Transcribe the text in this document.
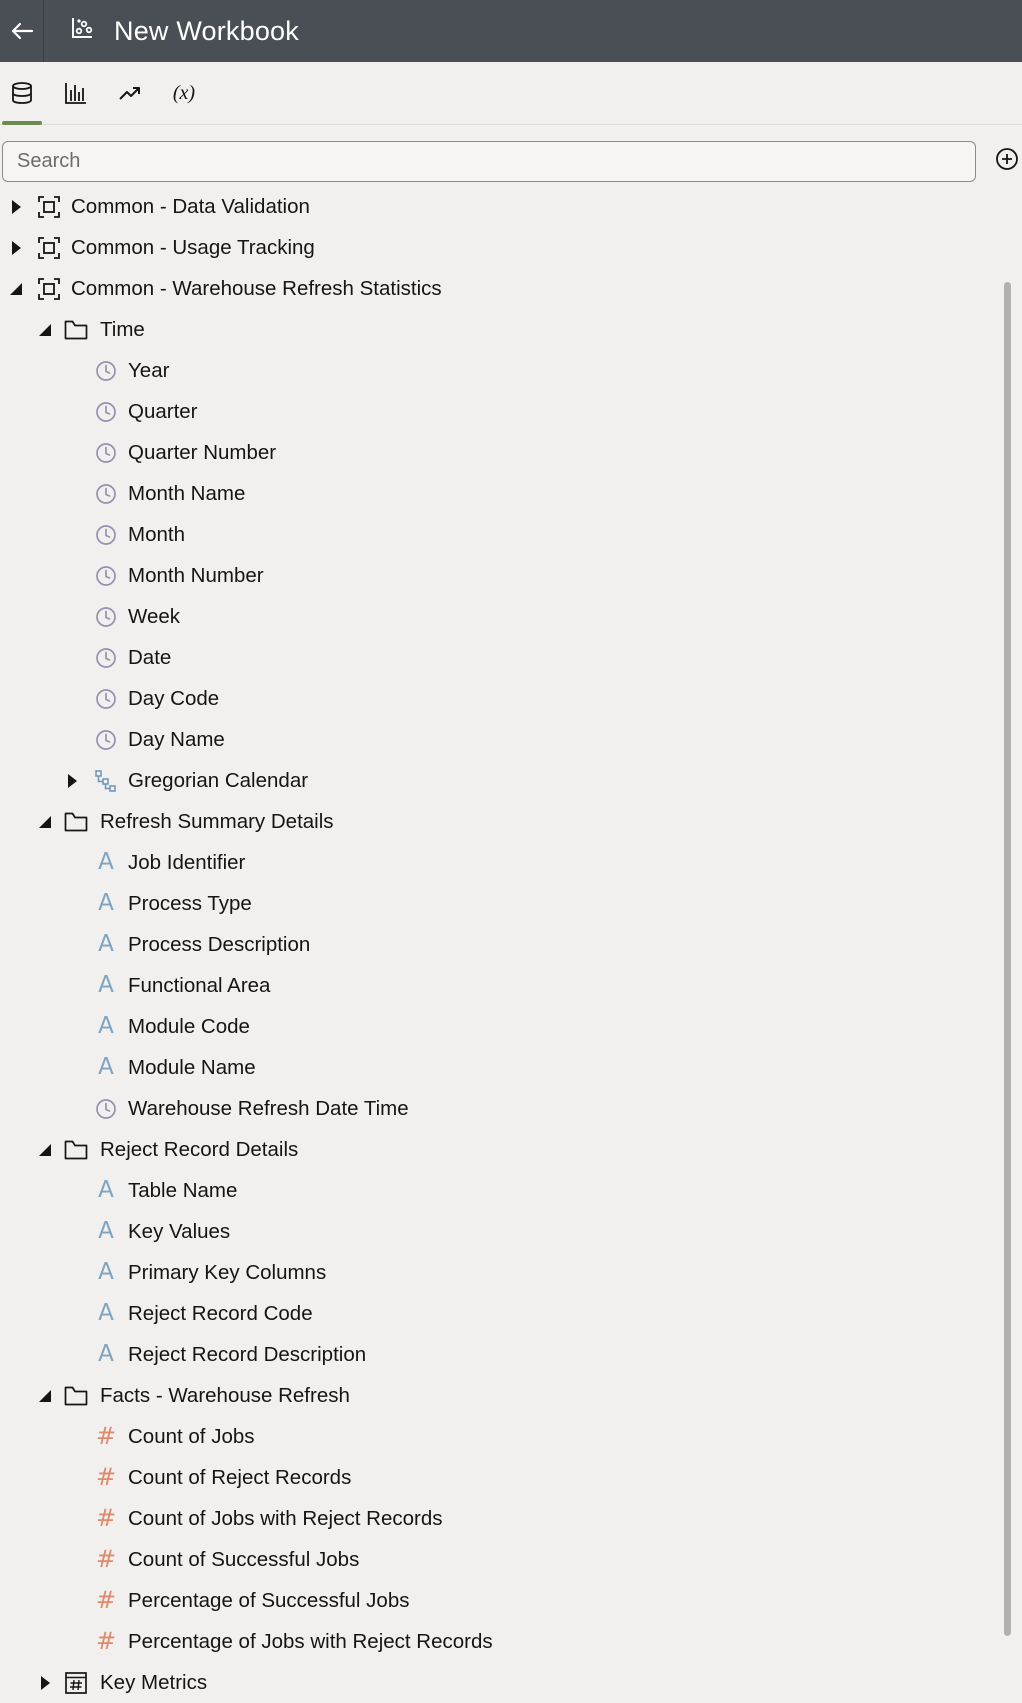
New Workbook
(x)
Search
Common - Data Validation
Common - Usage Tracking
Common - Warehouse Refresh Statistics
Time
Year
Quarter
Quarter Number
Month Name
Month
Month Number
Week
Date
Day Code
Day Name
Gregorian Calendar
Refresh Summary Details
A Job Identifier
A Process Type
A Process Description
A Functional Area
A Module Code
A Module Name
Warehouse Refresh Date Time
Reject Record Details
A Table Name
A Key Values
A Primary Key Columns
A Reject Record Code
A Reject Record Description
Facts - Warehouse Refresh
# Count of Jobs
# Count of Reject Records
# Count of Jobs with Reject Records
# Count of Successful Jobs
# Percentage of Successful Jobs
# Percentage of Jobs with Reject Records
Key Metrics
